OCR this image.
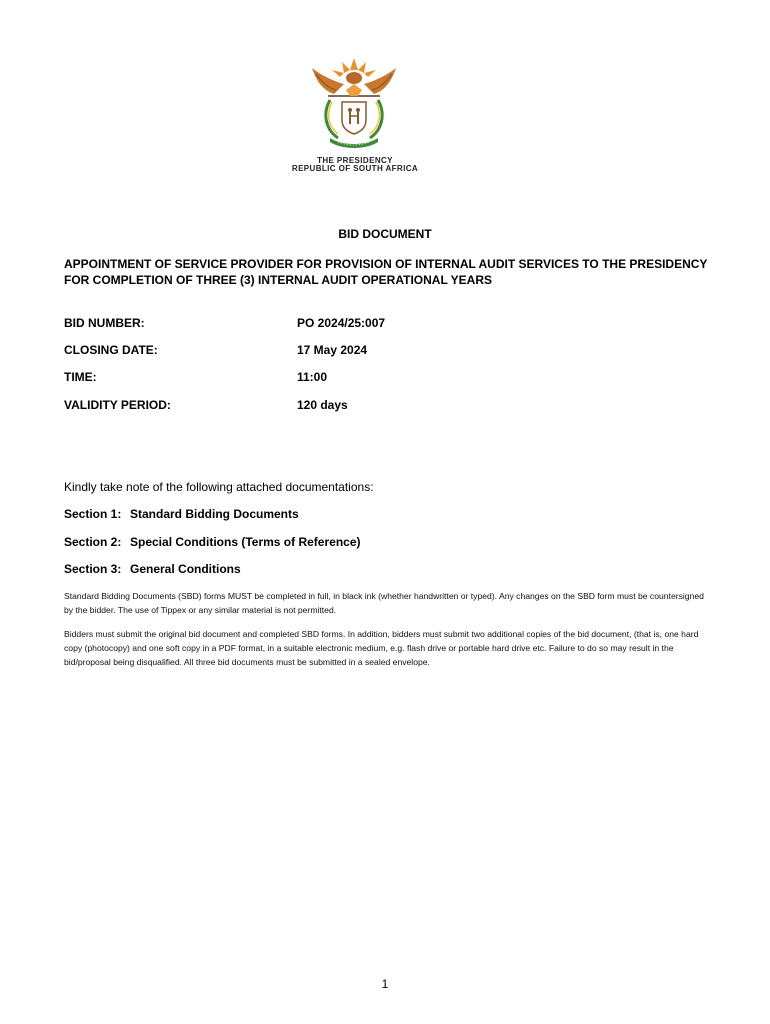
THE PRESIDENCY
REPUBLIC OF SOUTH AFRICA
BID DOCUMENT
APPOINTMENT OF SERVICE PROVIDER FOR PROVISION OF INTERNAL AUDIT SERVICES TO THE PRESIDENCY FOR COMPLETION OF THREE (3) INTERNAL AUDIT OPERATIONAL YEARS
BID NUMBER:	PO 2024/25:007
CLOSING DATE:	17 May 2024
TIME:	11:00
VALIDITY PERIOD:	120 days
Kindly take note of the following attached documentations:
Section 1: Standard Bidding Documents
Section 2: Special Conditions (Terms of Reference)
Section 3: General Conditions
Standard Bidding Documents (SBD) forms MUST be completed in full, in black ink (whether handwritten or typed). Any changes on the SBD form must be countersigned by the bidder. The use of Tippex or any similar material is not permitted.
Bidders must submit the original bid document and completed SBD forms. In addition, bidders must submit two additional copies of the bid document, (that is, one hard copy (photocopy) and one soft copy in a PDF format, in a suitable electronic medium, e.g. flash drive or portable hard drive etc. Failure to do so may result in the bid/proposal being disqualified. All three bid documents must be submitted in a sealed envelope.
1
